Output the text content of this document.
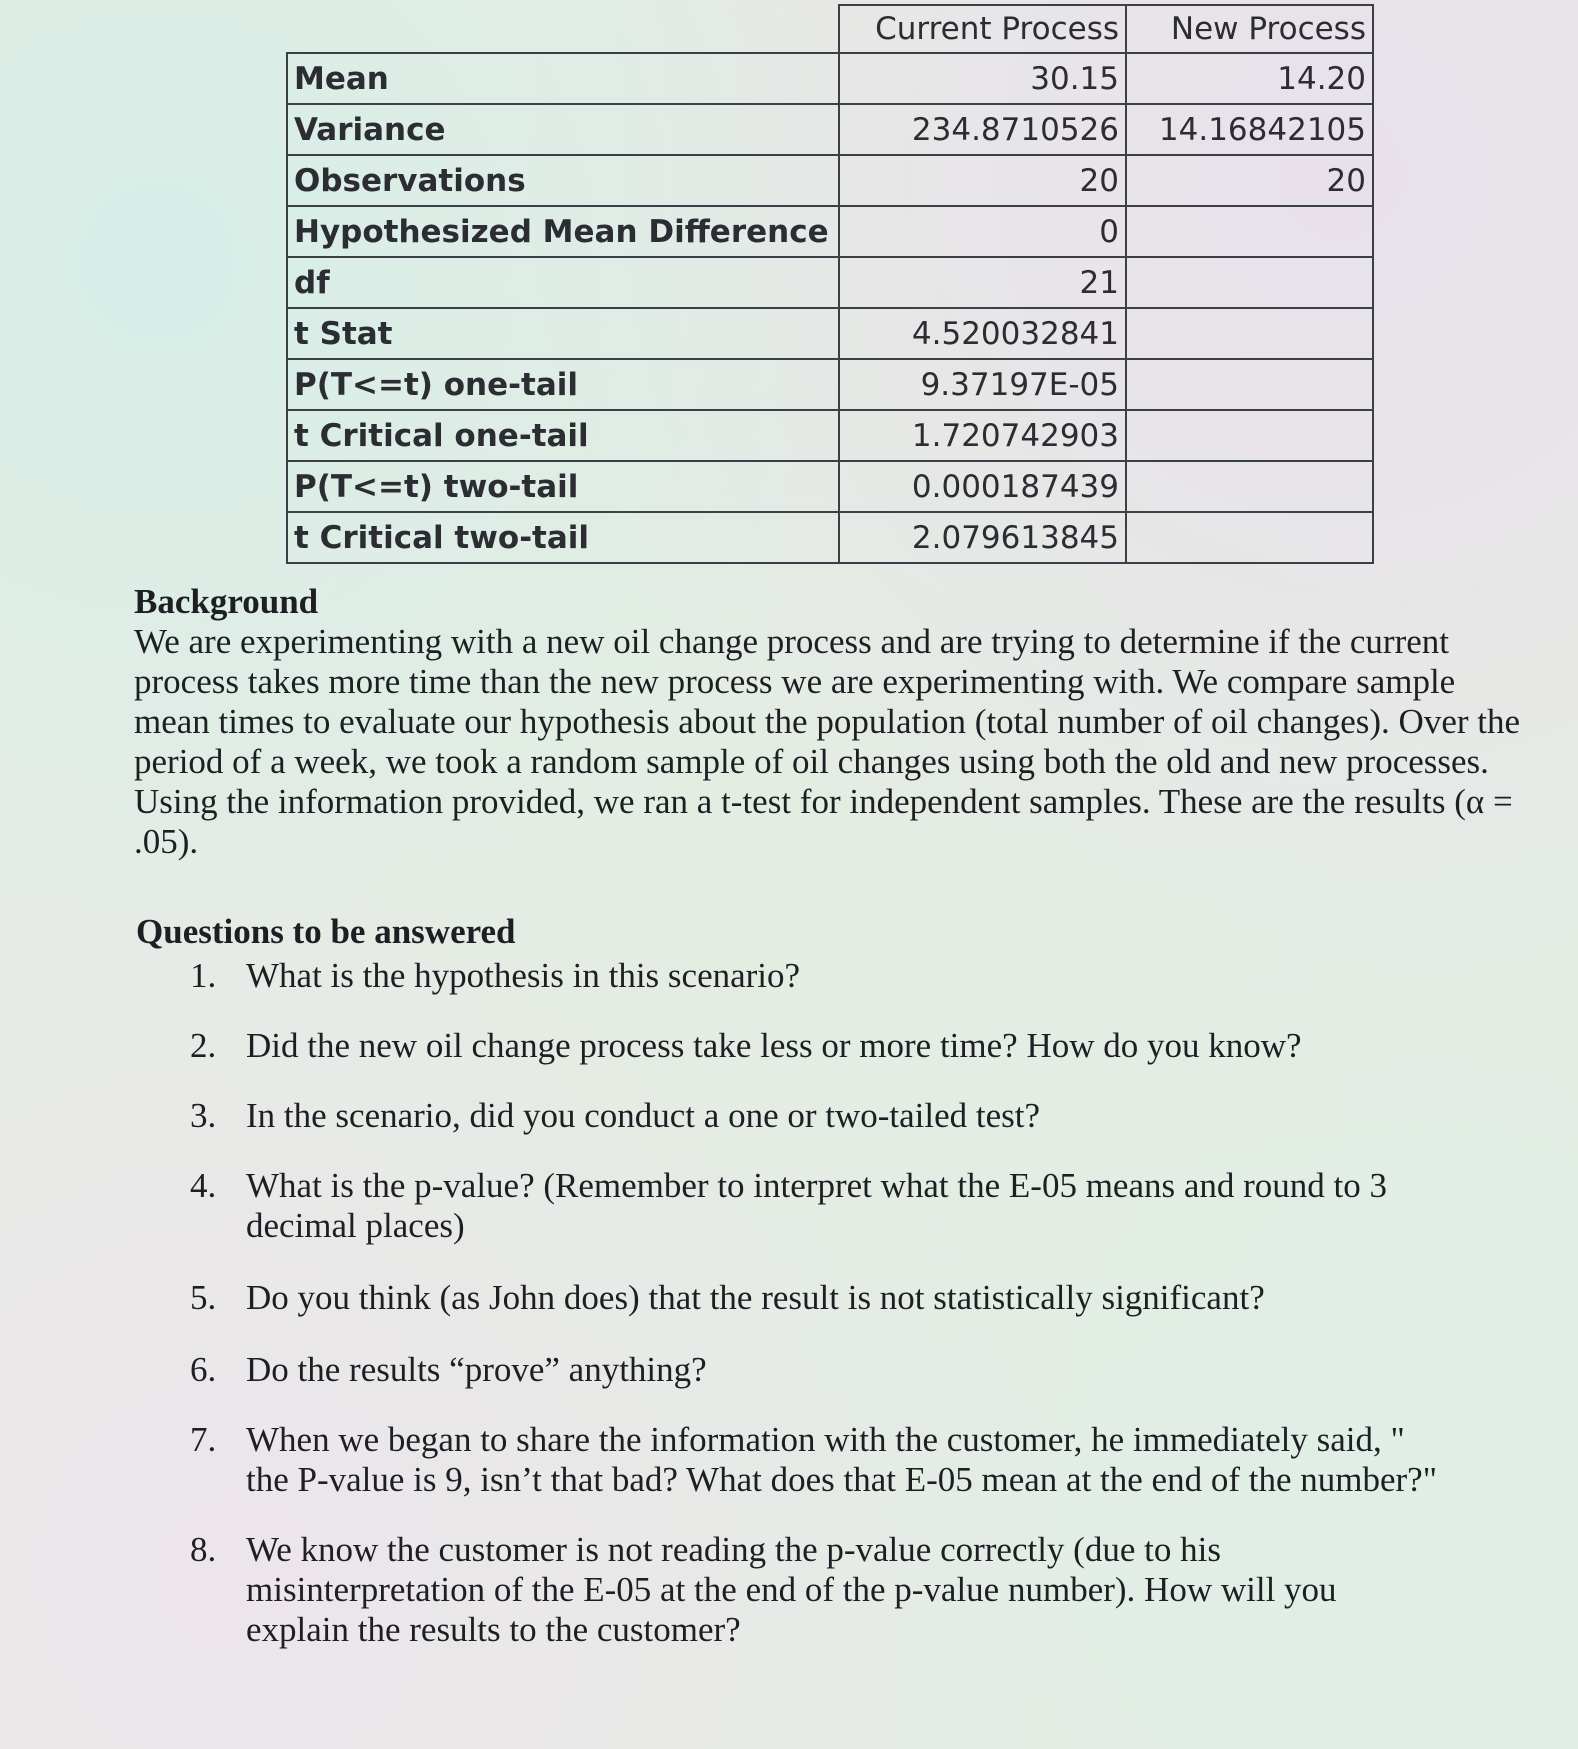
	Current Process	New Process
Mean	30.15	14.20
Variance	234.8710526	14.16842105
Observations	20	20
Hypothesized Mean Difference	0	
df	21	
t Stat	4.520032841	
P(T<=t) one-tail	9.37197E-05	
t Critical one-tail	1.720742903	
P(T<=t) two-tail	0.000187439	
t Critical two-tail	2.079613845	

Background

We are experimenting with a new oil change process and are trying to determine if the current process takes more time than the new process we are experimenting with. We compare sample mean times to evaluate our hypothesis about the population (total number of oil changes). Over the period of a week, we took a random sample of oil changes using both the old and new processes. Using the information provided, we ran a t-test for independent samples. These are the results (α = .05).

Questions to be answered

1. What is the hypothesis in this scenario?
2. Did the new oil change process take less or more time? How do you know?
3. In the scenario, did you conduct a one or two-tailed test?
4. What is the p-value? (Remember to interpret what the E-05 means and round to 3 decimal places)
5. Do you think (as John does) that the result is not statistically significant?
6. Do the results “prove” anything?
7. When we began to share the information with the customer, he immediately said, " the P-value is 9, isn’t that bad? What does that E-05 mean at the end of the number?"
8. We know the customer is not reading the p-value correctly (due to his misinterpretation of the E-05 at the end of the p-value number). How will you explain the results to the customer?
